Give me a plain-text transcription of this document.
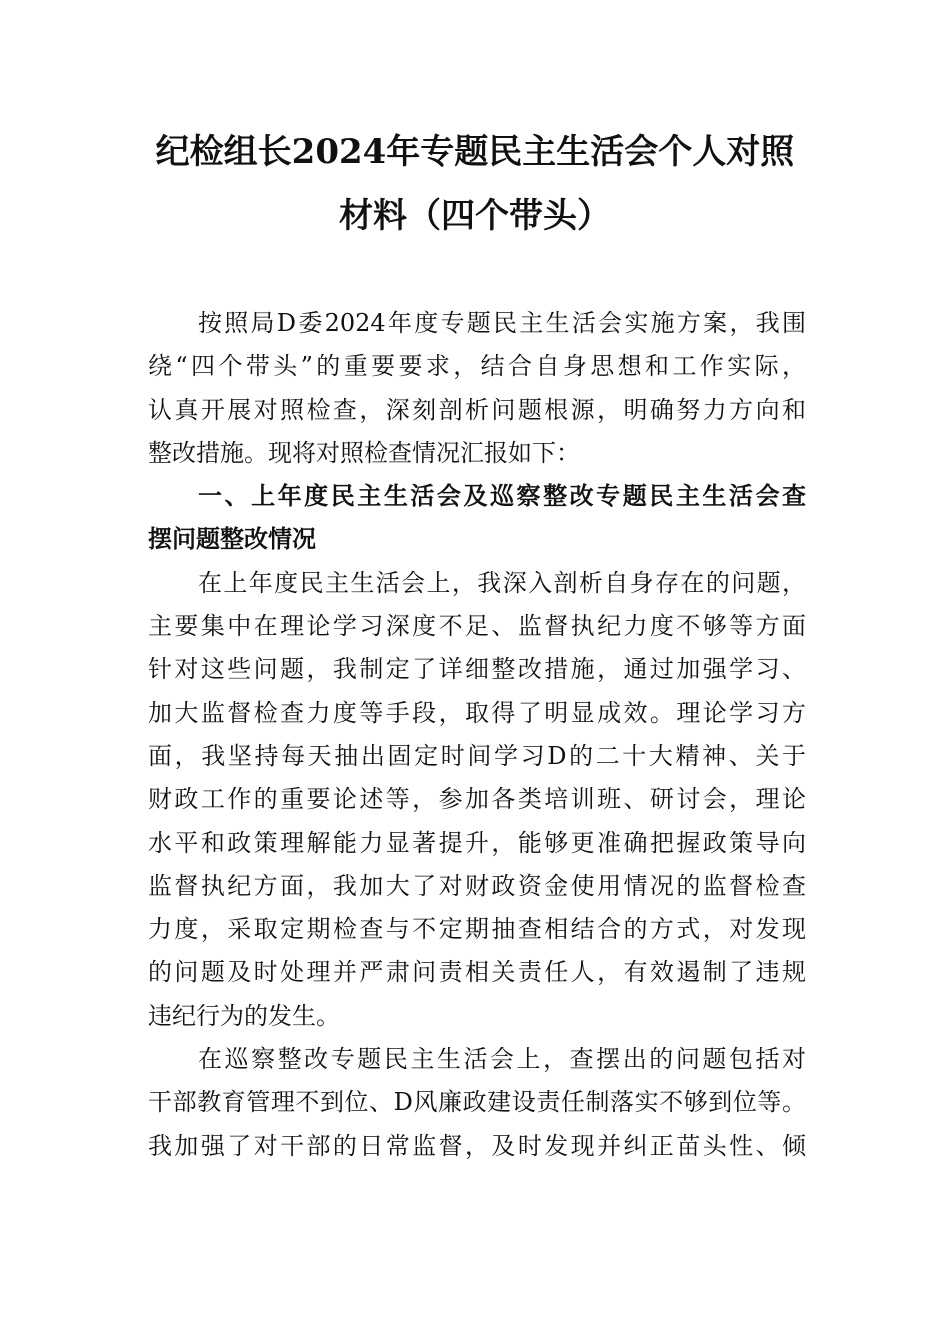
纪检组长2024年专题民主生活会个人对照
材料（四个带头）
按照局D委2024年度专题民主生活会实施方案，我围
绕“四个带头”的重要要求，结合自身思想和工作实际，
认真开展对照检查，深刻剖析问题根源，明确努力方向和
整改措施。现将对照检查情况汇报如下：
一、上年度民主生活会及巡察整改专题民主生活会查
摆问题整改情况
在上年度民主生活会上，我深入剖析自身存在的问题，
主要集中在理论学习深度不足、监督执纪力度不够等方面
针对这些问题，我制定了详细整改措施，通过加强学习、
加大监督检查力度等手段，取得了明显成效。理论学习方
面，我坚持每天抽出固定时间学习D的二十大精神、关于
财政工作的重要论述等，参加各类培训班、研讨会，理论
水平和政策理解能力显著提升，能够更准确把握政策导向
监督执纪方面，我加大了对财政资金使用情况的监督检查
力度，采取定期检查与不定期抽查相结合的方式，对发现
的问题及时处理并严肃问责相关责任人，有效遏制了违规
违纪行为的发生。
在巡察整改专题民主生活会上，查摆出的问题包括对
干部教育管理不到位、D风廉政建设责任制落实不够到位等。
我加强了对干部的日常监督，及时发现并纠正苗头性、倾
